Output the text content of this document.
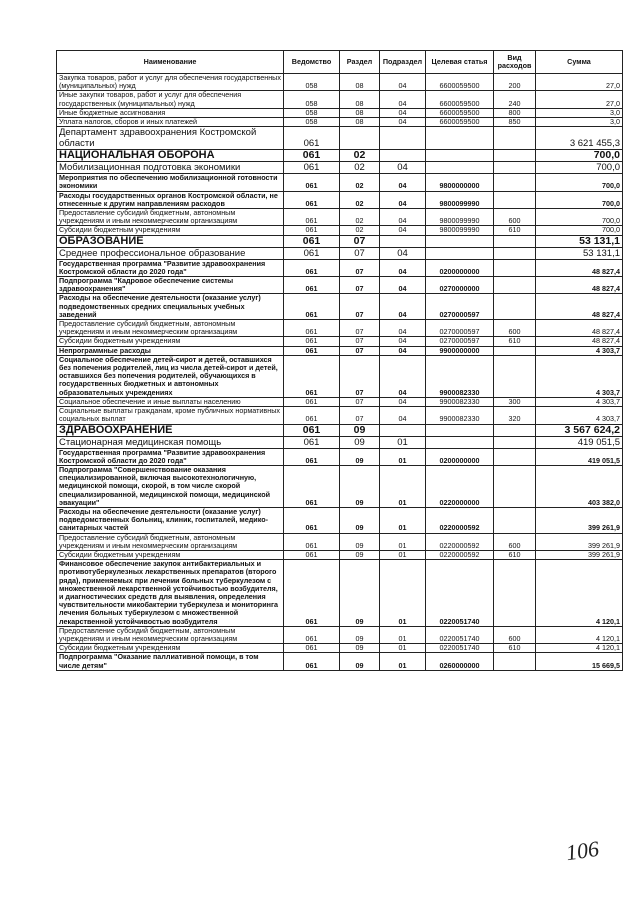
Наименование	Ведомство	Раздел	Подраздел	Целевая статья	Вид расходов	Сумма
Закупка товаров, работ и услуг для обеспечения государственных (муниципальных) нужд	058	08	04	6600059500	200	27,0
Иные закупки товаров, работ и услуг для обеспечения государственных (муниципальных) нужд	058	08	04	6600059500	240	27,0
Иные бюджетные ассигнования	058	08	04	6600059500	800	3,0
Уплата налогов, сборов и иных платежей	058	08	04	6600059500	850	3,0
Департамент здравоохранения Костромской области	061					3 621 455,3
НАЦИОНАЛЬНАЯ ОБОРОНА	061	02				700,0
Мобилизационная подготовка экономики	061	02	04			700,0
Мероприятия по обеспечению мобилизационной готовности экономики	061	02	04	9800000000		700,0
Расходы государственных органов Костромской области, не отнесенные к другим направлениям расходов	061	02	04	9800099990		700,0
Предоставление субсидий бюджетным, автономным учреждениям и иным некоммерческим организациям	061	02	04	9800099990	600	700,0
Субсидии бюджетным учреждениям	061	02	04	9800099990	610	700,0
ОБРАЗОВАНИЕ	061	07				53 131,1
Среднее профессиональное образование	061	07	04			53 131,1
Государственная программа "Развитие здравоохранения Костромской области до 2020 года"	061	07	04	0200000000		48 827,4
Подпрограмма "Кадровое обеспечение системы здравоохранения"	061	07	04	0270000000		48 827,4
Расходы на обеспечение деятельности (оказание услуг) подведомственных средних специальных учебных заведений	061	07	04	0270000597		48 827,4
Предоставление субсидий бюджетным, автономным учреждениям и иным некоммерческим организациям	061	07	04	0270000597	600	48 827,4
Субсидии бюджетным учреждениям	061	07	04	0270000597	610	48 827,4
Непрограммные расходы	061	07	04	9900000000		4 303,7
Социальное обеспечение детей-сирот и детей, оставшихся без попечения родителей, лиц из числа детей-сирот и детей, оставшихся без попечения родителей, обучающихся в государственных бюджетных и автономных образовательных учреждениях	061	07	04	9900082330		4 303,7
Социальное обеспечение и иные выплаты населению	061	07	04	9900082330	300	4 303,7
Социальные выплаты гражданам, кроме публичных нормативных социальных выплат	061	07	04	9900082330	320	4 303,7
ЗДРАВООХРАНЕНИЕ	061	09				3 567 624,2
Стационарная медицинская помощь	061	09	01			419 051,5
Государственная программа "Развитие здравоохранения Костромской области до 2020 года"	061	09	01	0200000000		419 051,5
Подпрограмма "Совершенствование оказания специализированной, включая высокотехнологичную, медицинской помощи, скорой, в том числе скорой специализированной, медицинской помощи, медицинской эвакуации"	061	09	01	0220000000		403 382,0
Расходы на обеспечение деятельности (оказание услуг) подведомственных больниц, клиник, госпиталей, медико-санитарных частей	061	09	01	0220000592		399 261,9
Предоставление субсидий бюджетным, автономным учреждениям и иным некоммерческим организациям	061	09	01	0220000592	600	399 261,9
Субсидии бюджетным учреждениям	061	09	01	0220000592	610	399 261,9
Финансовое обеспечение закупок антибактериальных и противотуберкулезных лекарственных препаратов (второго ряда), применяемых при лечении больных туберкулезом с множественной лекарственной устойчивостью возбудителя, и диагностических средств для выявления, определения чувствительности микобактерии туберкулеза и мониторинга лечения больных туберкулезом с множественной лекарственной устойчивостью возбудителя	061	09	01	0220051740		4 120,1
Предоставление субсидий бюджетным, автономным учреждениям и иным некоммерческим организациям	061	09	01	0220051740	600	4 120,1
Субсидии бюджетным учреждениям	061	09	01	0220051740	610	4 120,1
Подпрограмма "Оказание паллиативной помощи, в том числе детям"	061	09	01	0260000000		15 669,5
106
